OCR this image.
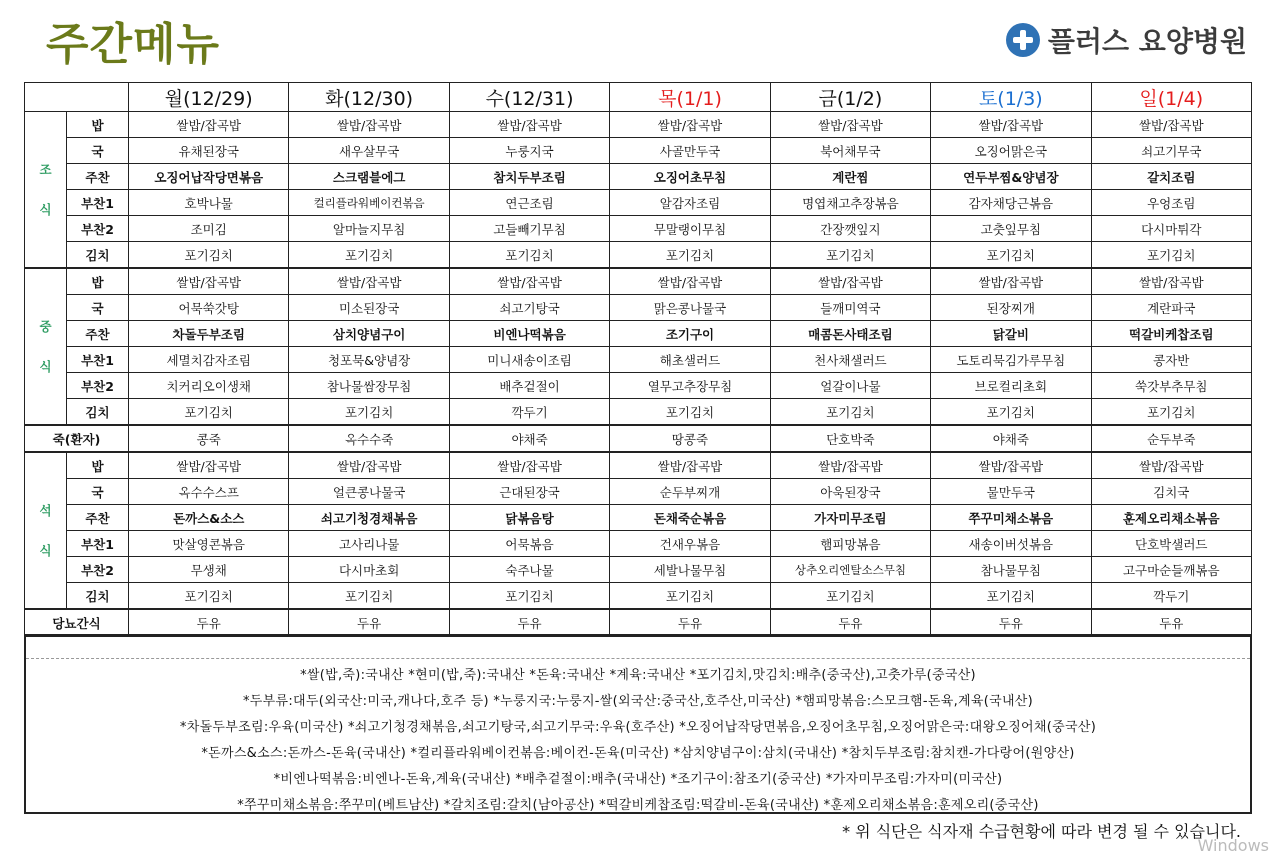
주간메뉴	플러스 요양병원
		월(12/29)	화(12/30)	수(12/31)	목(1/1)	금(1/2)	토(1/3)	일(1/4)
조
식	밥	쌀밥/잡곡밥	쌀밥/잡곡밥	쌀밥/잡곡밥	쌀밥/잡곡밥	쌀밥/잡곡밥	쌀밥/잡곡밥	쌀밥/잡곡밥
	국	유채된장국	새우살무국	누룽지국	사골만두국	북어채무국	오징어맑은국	쇠고기무국
	주찬	오징어납작당면볶음	스크램블에그	참치두부조림	오징어초무침	계란찜	연두부찜&양념장	갈치조림
	부찬1	호박나물	컬리플라워베이컨볶음	연근조림	알감자조림	명엽채고추장볶음	감자채당근볶음	우엉조림
	부찬2	조미김	알마늘지무침	고들빼기무침	무말랭이무침	간장깻잎지	고춧잎무침	다시마튀각
	김치	포기김치	포기김치	포기김치	포기김치	포기김치	포기김치	포기김치
중
식	밥	쌀밥/잡곡밥	쌀밥/잡곡밥	쌀밥/잡곡밥	쌀밥/잡곡밥	쌀밥/잡곡밥	쌀밥/잡곡밥	쌀밥/잡곡밥
	국	어묵쑥갓탕	미소된장국	쇠고기탕국	맑은콩나물국	들깨미역국	된장찌개	계란파국
	주찬	차돌두부조림	삼치양념구이	비엔나떡볶음	조기구이	매콤돈사태조림	닭갈비	떡갈비케찹조림
	부찬1	세멸치감자조림	청포묵&양념장	미니새송이조림	해초샐러드	천사채샐러드	도토리묵김가루무침	콩자반
	부찬2	치커리오이생채	참나물쌈장무침	배추겉절이	열무고추장무침	얼갈이나물	브로컬리초회	쑥갓부추무침
	김치	포기김치	포기김치	깍두기	포기김치	포기김치	포기김치	포기김치
죽(환자)		콩죽	옥수수죽	야채죽	땅콩죽	단호박죽	야채죽	순두부죽
석
식	밥	쌀밥/잡곡밥	쌀밥/잡곡밥	쌀밥/잡곡밥	쌀밥/잡곡밥	쌀밥/잡곡밥	쌀밥/잡곡밥	쌀밥/잡곡밥
	국	옥수수스프	얼큰콩나물국	근대된장국	순두부찌개	아욱된장국	물만두국	김치국
	주찬	돈까스&소스	쇠고기청경채볶음	닭볶음탕	돈채죽순볶음	가자미무조림	쭈꾸미채소볶음	훈제오리채소볶음
	부찬1	맛살영콘볶음	고사리나물	어묵볶음	건새우볶음	햄피망볶음	새송이버섯볶음	단호박샐러드
	부찬2	무생채	다시마초회	숙주나물	세발나물무침	상추오리엔탈소스무침	참나물무침	고구마순들깨볶음
	김치	포기김치	포기김치	포기김치	포기김치	포기김치	포기김치	깍두기
당뇨간식		두유	두유	두유	두유	두유	두유	두유
*쌀(밥,죽):국내산 *현미(밥,죽):국내산 *돈육:국내산 *계육:국내산 *포기김치,맛김치:배추(중국산),고춧가루(중국산)
*두부류:대두(외국산:미국,캐나다,호주 등) *누룽지국:누룽지-쌀(외국산:중국산,호주산,미국산) *햄피망볶음:스모크햄-돈육,계육(국내산)
*차돌두부조림:우육(미국산) *쇠고기청경채볶음,쇠고기탕국,쇠고기무국:우육(호주산) *오징어납작당면볶음,오징어초무침,오징어맑은국:대왕오징어채(중국산)
*돈까스&소스:돈까스-돈육(국내산) *컬리플라워베이컨볶음:베이컨-돈육(미국산) *삼치양념구이:삼치(국내산) *참치두부조림:참치캔-가다랑어(원양산)
*비엔나떡볶음:비엔나-돈육,계육(국내산) *배추겉절이:배추(국내산) *조기구이:참조기(중국산) *가자미무조림:가자미(미국산)
*쭈꾸미채소볶음:쭈꾸미(베트남산) *갈치조림:갈치(남아공산) *떡갈비케찹조림:떡갈비-돈육(국내산) *훈제오리채소볶음:훈제오리(중국산)
* 위 식단은 식자재 수급현황에 따라 변경 될 수 있습니다.
Windows
